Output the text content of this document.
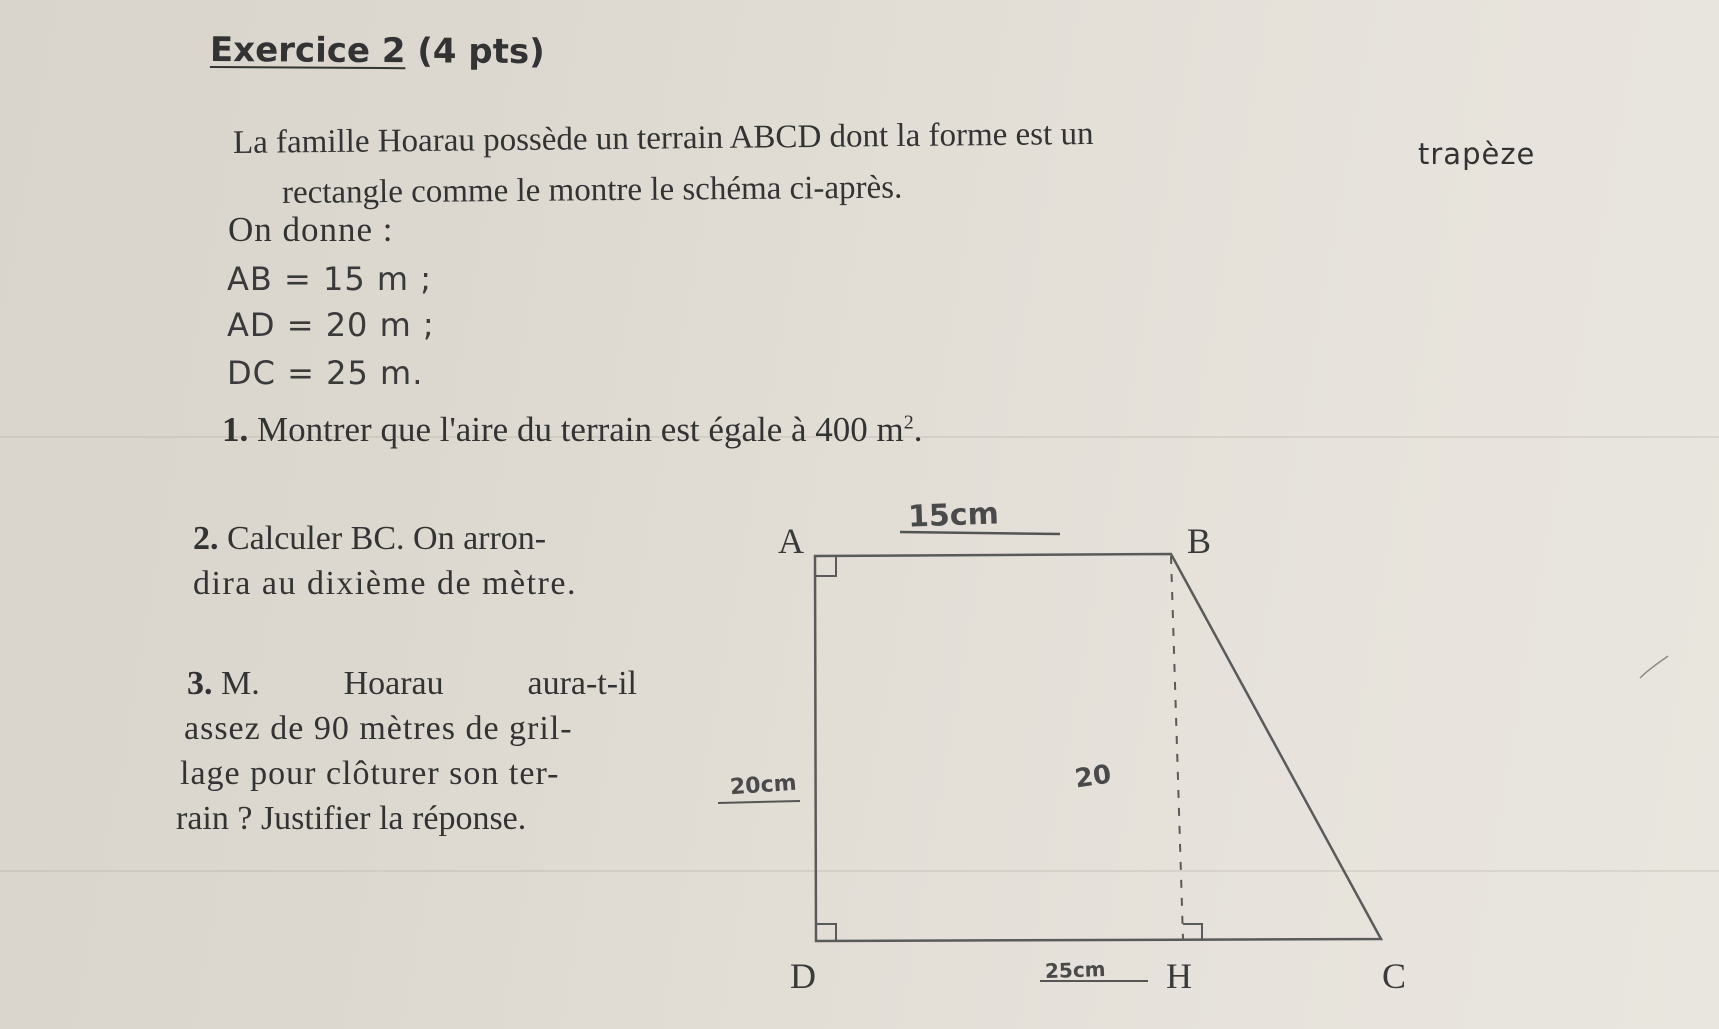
Exercice 2 (4 pts)
La famille Hoarau possède un terrain ABCD dont la forme est un	trapèze
rectangle comme le montre le schéma ci-après.
On donne :
AB = 15 m ;
AD = 20 m ;
DC = 25 m.
1. Montrer que l'aire du terrain est égale à 400 $m^2$.
2. Calculer BC. On arron-
dira au dixième de mètre.
3. M. Hoarau aura-t-il
assez de 90 mètres de gril-
lage pour clôturer son ter-
rain ? Justifier la réponse.
A	B
D	H	C
15cm
20cm	20
25cm
